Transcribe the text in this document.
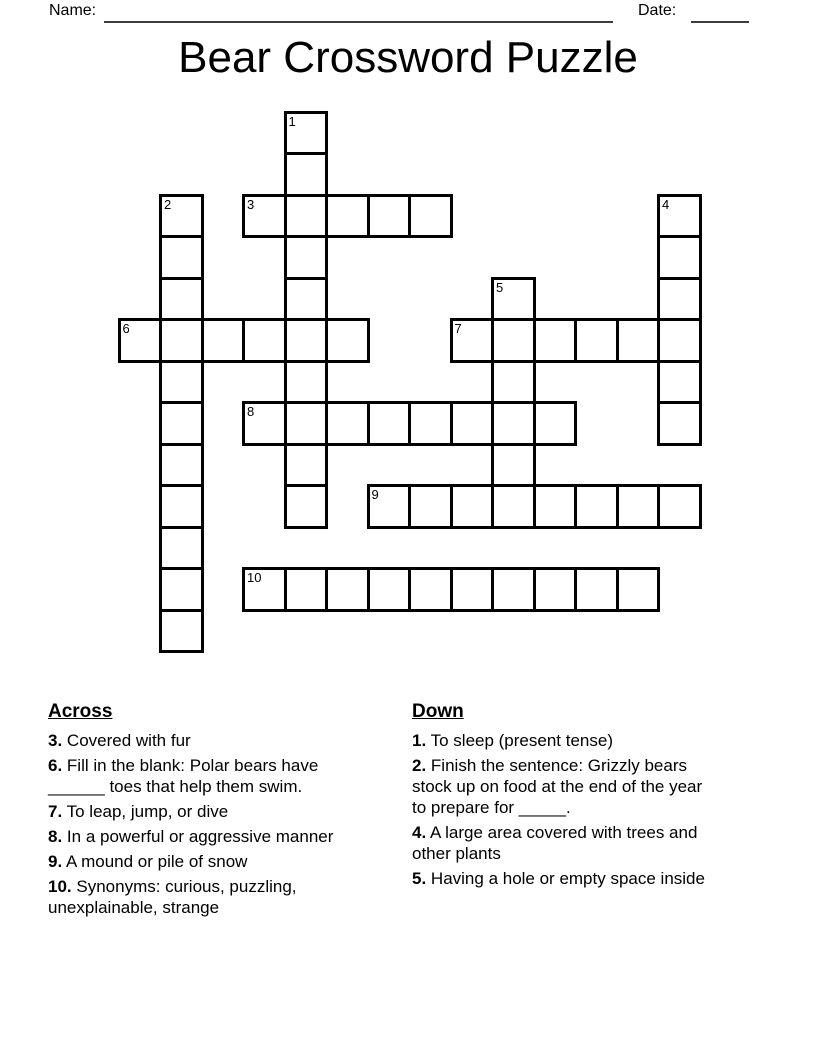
Name:	Date:
Bear Crossword Puzzle
1
2	3	4
5
6	7
8
9
10
Across

3. Covered with fur

6. Fill in the blank: Polar bears have ______ toes that help them swim.

7. To leap, jump, or dive

8. In a powerful or aggressive manner

9. A mound or pile of snow

10. Synonyms: curious, puzzling, unexplainable, strange

Down

1. To sleep (present tense)

2. Finish the sentence: Grizzly bears stock up on food at the end of the year to prepare for _____.

4. A large area covered with trees and other plants

5. Having a hole or empty space inside
